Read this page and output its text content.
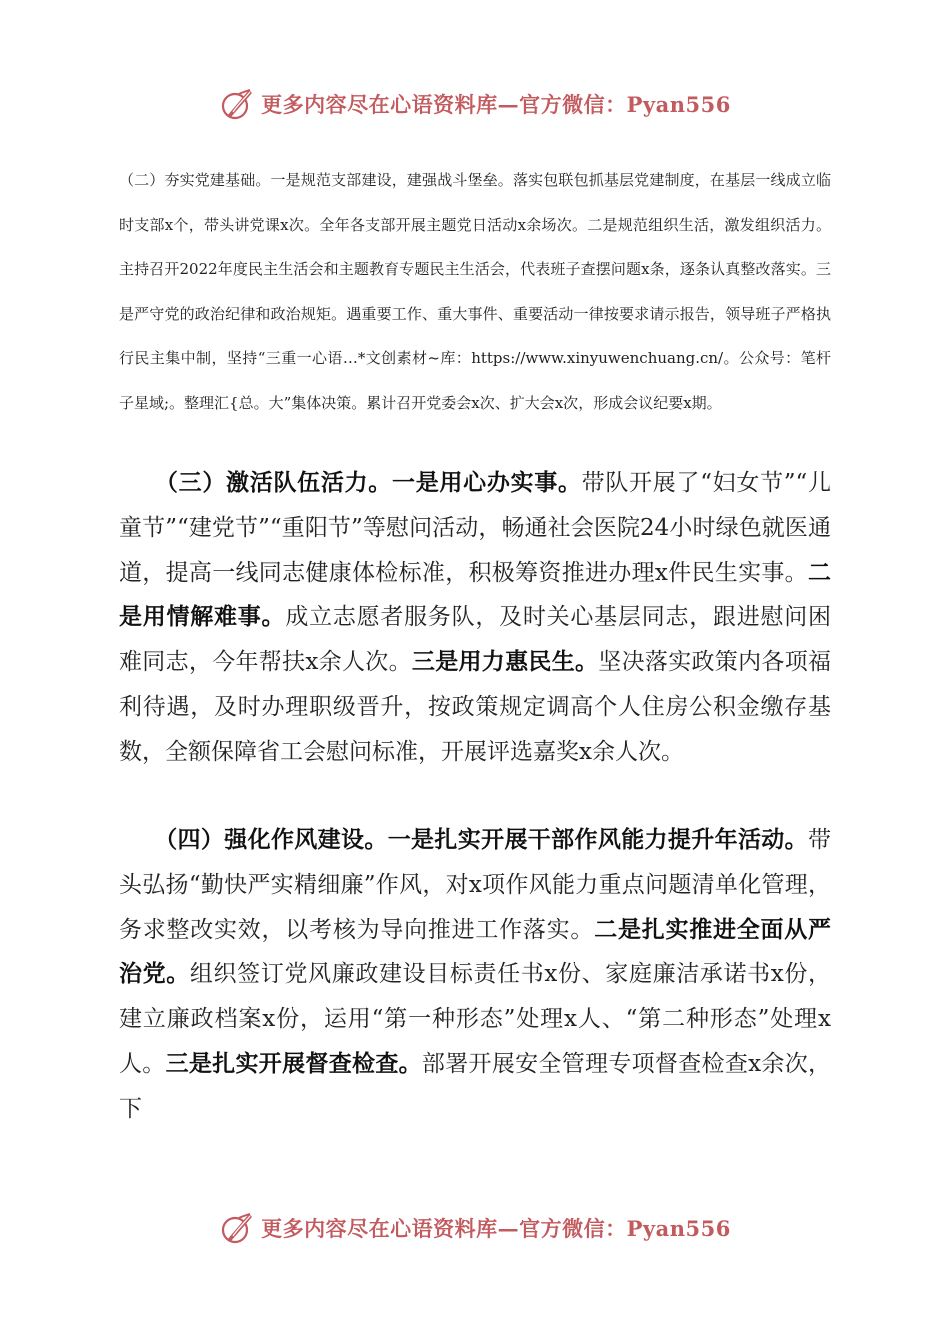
更多内容尽在心语资料库—官方微信：Pyan556

（二）夯实党建基础。一是规范支部建设，建强战斗堡垒。落实包联包抓基层党建制度，在基层一线成立临时支部x个，带头讲党课x次。全年各支部开展主题党日活动x余场次。二是规范组织生活，激发组织活力。主持召开2022年度民主生活会和主题教育专题民主生活会，代表班子查摆问题x条，逐条认真整改落实。三是严守党的政治纪律和政治规矩。遇重要工作、重大事件、重要活动一律按要求请示报告，领导班子严格执行民主集中制，坚持“三重一心语…*文创素材~库：https://www.xinyuwenchuang.cn/。公众号：笔杆子星域;。整理汇{总。大”集体决策。累计召开党委会x次、扩大会x次，形成会议纪要x期。

　　（三）激活队伍活力。一是用心办实事。带队开展了“妇女节”“儿童节”“建党节”“重阳节”等慰问活动，畅通社会医院24小时绿色就医通道，提高一线同志健康体检标准，积极筹资推进办理x件民生实事。二是用情解难事。成立志愿者服务队，及时关心基层同志，跟进慰问困难同志，今年帮扶x余人次。三是用力惠民生。坚决落实政策内各项福利待遇，及时办理职级晋升，按政策规定调高个人住房公积金缴存基数，全额保障省工会慰问标准，开展评选嘉奖x余人次。

　　（四）强化作风建设。一是扎实开展干部作风能力提升年活动。带头弘扬“勤快严实精细廉”作风，对x项作风能力重点问题清单化管理，务求整改实效，以考核为导向推进工作落实。二是扎实推进全面从严治党。组织签订党风廉政建设目标责任书x份、家庭廉洁承诺书x份，建立廉政档案x份，运用“第一种形态”处理x人、“第二种形态”处理x人。三是扎实开展督查检查。部署开展安全管理专项督查检查x余次，下

更多内容尽在心语资料库—官方微信：Pyan556
